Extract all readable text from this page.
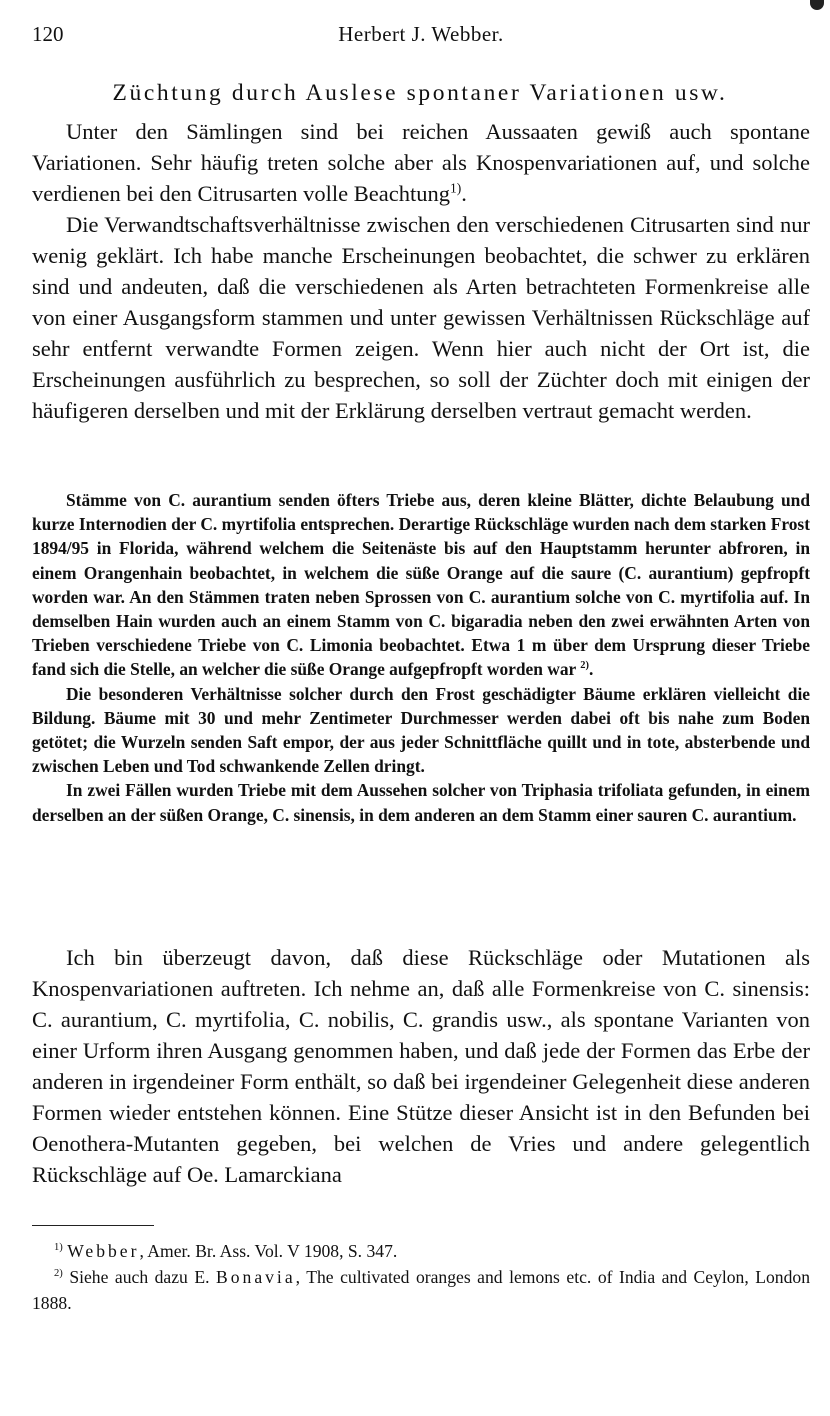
120	Herbert J. Webber.
Züchtung durch Auslese spontaner Variationen usw.

Unter den Sämlingen sind bei reichen Aussaaten gewiß auch spontane Variationen. Sehr häufig treten solche aber als Knospenvariationen auf, und solche verdienen bei den Citrusarten volle Beachtung$^{1)}$.

Die Verwandtschaftsverhältnisse zwischen den verschiedenen Citrusarten sind nur wenig geklärt. Ich habe manche Erscheinungen beobachtet, die schwer zu erklären sind und andeuten, daß die verschiedenen als Arten betrachteten Formenkreise alle von einer Ausgangsform stammen und unter gewissen Verhältnissen Rückschläge auf sehr entfernt verwandte Formen zeigen. Wenn hier auch nicht der Ort ist, die Erscheinungen ausführlich zu besprechen, so soll der Züchter doch mit einigen der häufigeren derselben und mit der Erklärung derselben vertraut gemacht werden.

Stämme von C. aurantium senden öfters Triebe aus, deren kleine Blätter, dichte Belaubung und kurze Internodien der C. myrtifolia entsprechen. Derartige Rückschläge wurden nach dem starken Frost 1894/95 in Florida, während welchem die Seitenäste bis auf den Hauptstamm herunter abfroren, in einem Orangenhain beobachtet, in welchem die süße Orange auf die saure (C. aurantium) gepfropft worden war. An den Stämmen traten neben Sprossen von C. aurantium solche von C. myrtifolia auf. In demselben Hain wurden auch an einem Stamm von C. bigaradia neben den zwei erwähnten Arten von Trieben verschiedene Triebe von C. Limonia beobachtet. Etwa 1 m über dem Ursprung dieser Triebe fand sich die Stelle, an welcher die süße Orange aufgepfropft worden war $^{2)}$.

Die besonderen Verhältnisse solcher durch den Frost geschädigter Bäume erklären vielleicht die Bildung. Bäume mit 30 und mehr Zentimeter Durchmesser werden dabei oft bis nahe zum Boden getötet; die Wurzeln senden Saft empor, der aus jeder Schnittfläche quillt und in tote, absterbende und zwischen Leben und Tod schwankende Zellen dringt.

In zwei Fällen wurden Triebe mit dem Aussehen solcher von Triphasia trifoliata gefunden, in einem derselben an der süßen Orange, C. sinensis, in dem anderen an dem Stamm einer sauren C. aurantium.

Ich bin überzeugt davon, daß diese Rückschläge oder Mutationen als Knospenvariationen auftreten. Ich nehme an, daß alle Formenkreise von C. sinensis: C. aurantium, C. myrtifolia, C. nobilis, C. grandis usw., als spontane Varianten von einer Urform ihren Ausgang genommen haben, und daß jede der Formen das Erbe der anderen in irgendeiner Form enthält, so daß bei irgendeiner Gelegenheit diese anderen Formen wieder entstehen können. Eine Stütze dieser Ansicht ist in den Befunden bei Oenothera-Mutanten gegeben, bei welchen de Vries und andere gelegentlich Rückschläge auf Oe. Lamarckiana

$^{1)}$ Webber, Amer. Br. Ass. Vol. V 1908, S. 347.

$^{2)}$ Siehe auch dazu E. Bonavia, The cultivated oranges and lemons etc. of India and Ceylon, London 1888.
